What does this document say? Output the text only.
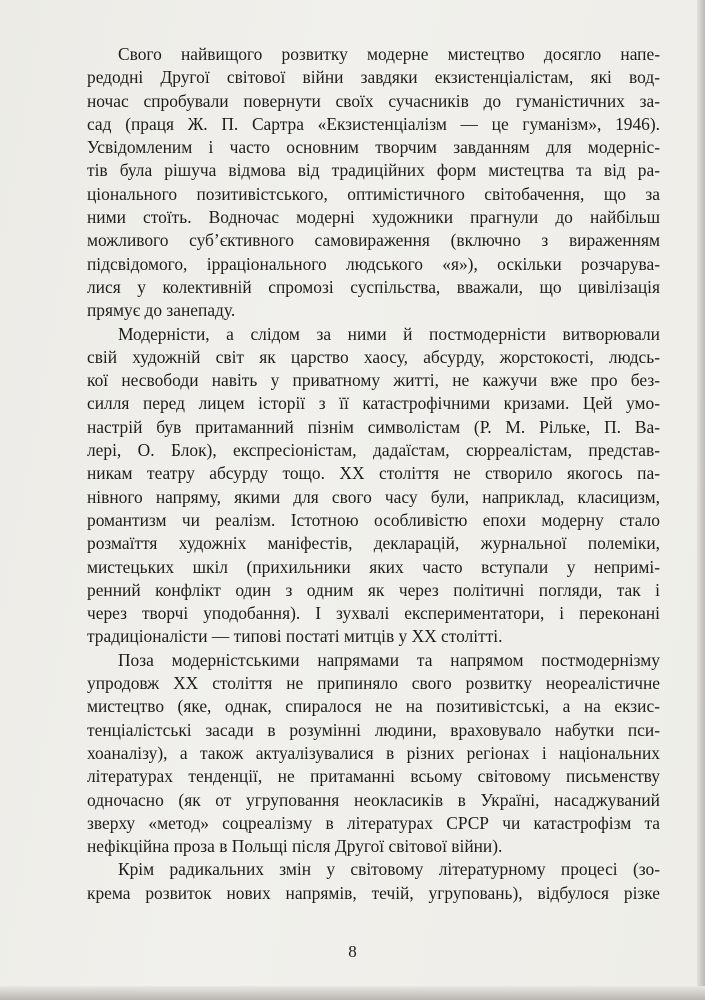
Свого найвищого розвитку модерне мистецтво досягло напе-
редодні Другої світової війни завдяки екзистенціалістам, які вод-
ночас спробували повернути своїх сучасників до гуманістичних за-
сад (праця Ж. П. Сартра «Екзистенціалізм — це гуманізм», 1946).
Усвідомленим і часто основним творчим завданням для модерніс-
тів була рішуча відмова від традиційних форм мистецтва та від ра-
ціонального позитивістського, оптимістичного світобачення, що за
ними стоїть. Водночас модерні художники прагнули до найбільш
можливого суб’єктивного самовираження (включно з вираженням
підсвідомого, ірраціонального людського «я»), оскільки розчарува-
лися у колективній спромозі суспільства, вважали, що цивілізація
прямує до занепаду.
Модерністи, а слідом за ними й постмодерністи витворювали
свій художній світ як царство хаосу, абсурду, жорстокості, людсь-
кої несвободи навіть у приватному житті, не кажучи вже про без-
силля перед лицем історії з її катастрофічними кризами. Цей умо-
настрій був притаманний пізнім символістам (Р. М. Рільке, П. Ва-
лері, О. Блок), експресіоністам, дадаїстам, сюрреалістам, представ-
никам театру абсурду тощо. XX століття не створило якогось па-
нівного напряму, якими для свого часу були, наприклад, класицизм,
романтизм чи реалізм. Істотною особливістю епохи модерну стало
розмаїття художніх маніфестів, декларацій, журнальної полеміки,
мистецьких шкіл (прихильники яких часто вступали у непримі-
ренний конфлікт один з одним як через політичні погляди, так і
через творчі уподобання). І зухвалі експериментатори, і переконані
традиціоналісти — типові постаті митців у XX столітті.
Поза модерністськими напрямами та напрямом постмодернізму
упродовж XX століття не припиняло свого розвитку неореалістичне
мистецтво (яке, однак, спиралося не на позитивістські, а на екзис-
тенціалістські засади в розумінні людини, враховувало набутки пси-
хоаналізу), а також актуалізувалися в різних регіонах і національних
літературах тенденції, не притаманні всьому світовому письменству
одночасно (як от угруповання неокласиків в Україні, насаджуваний
зверху «метод» соцреалізму в літературах СРСР чи катастрофізм та
нефікційна проза в Польщі після Другої світової війни).
Крім радикальних змін у світовому літературному процесі (зо-
крема розвиток нових напрямів, течій, угруповань), відбулося різке
8
